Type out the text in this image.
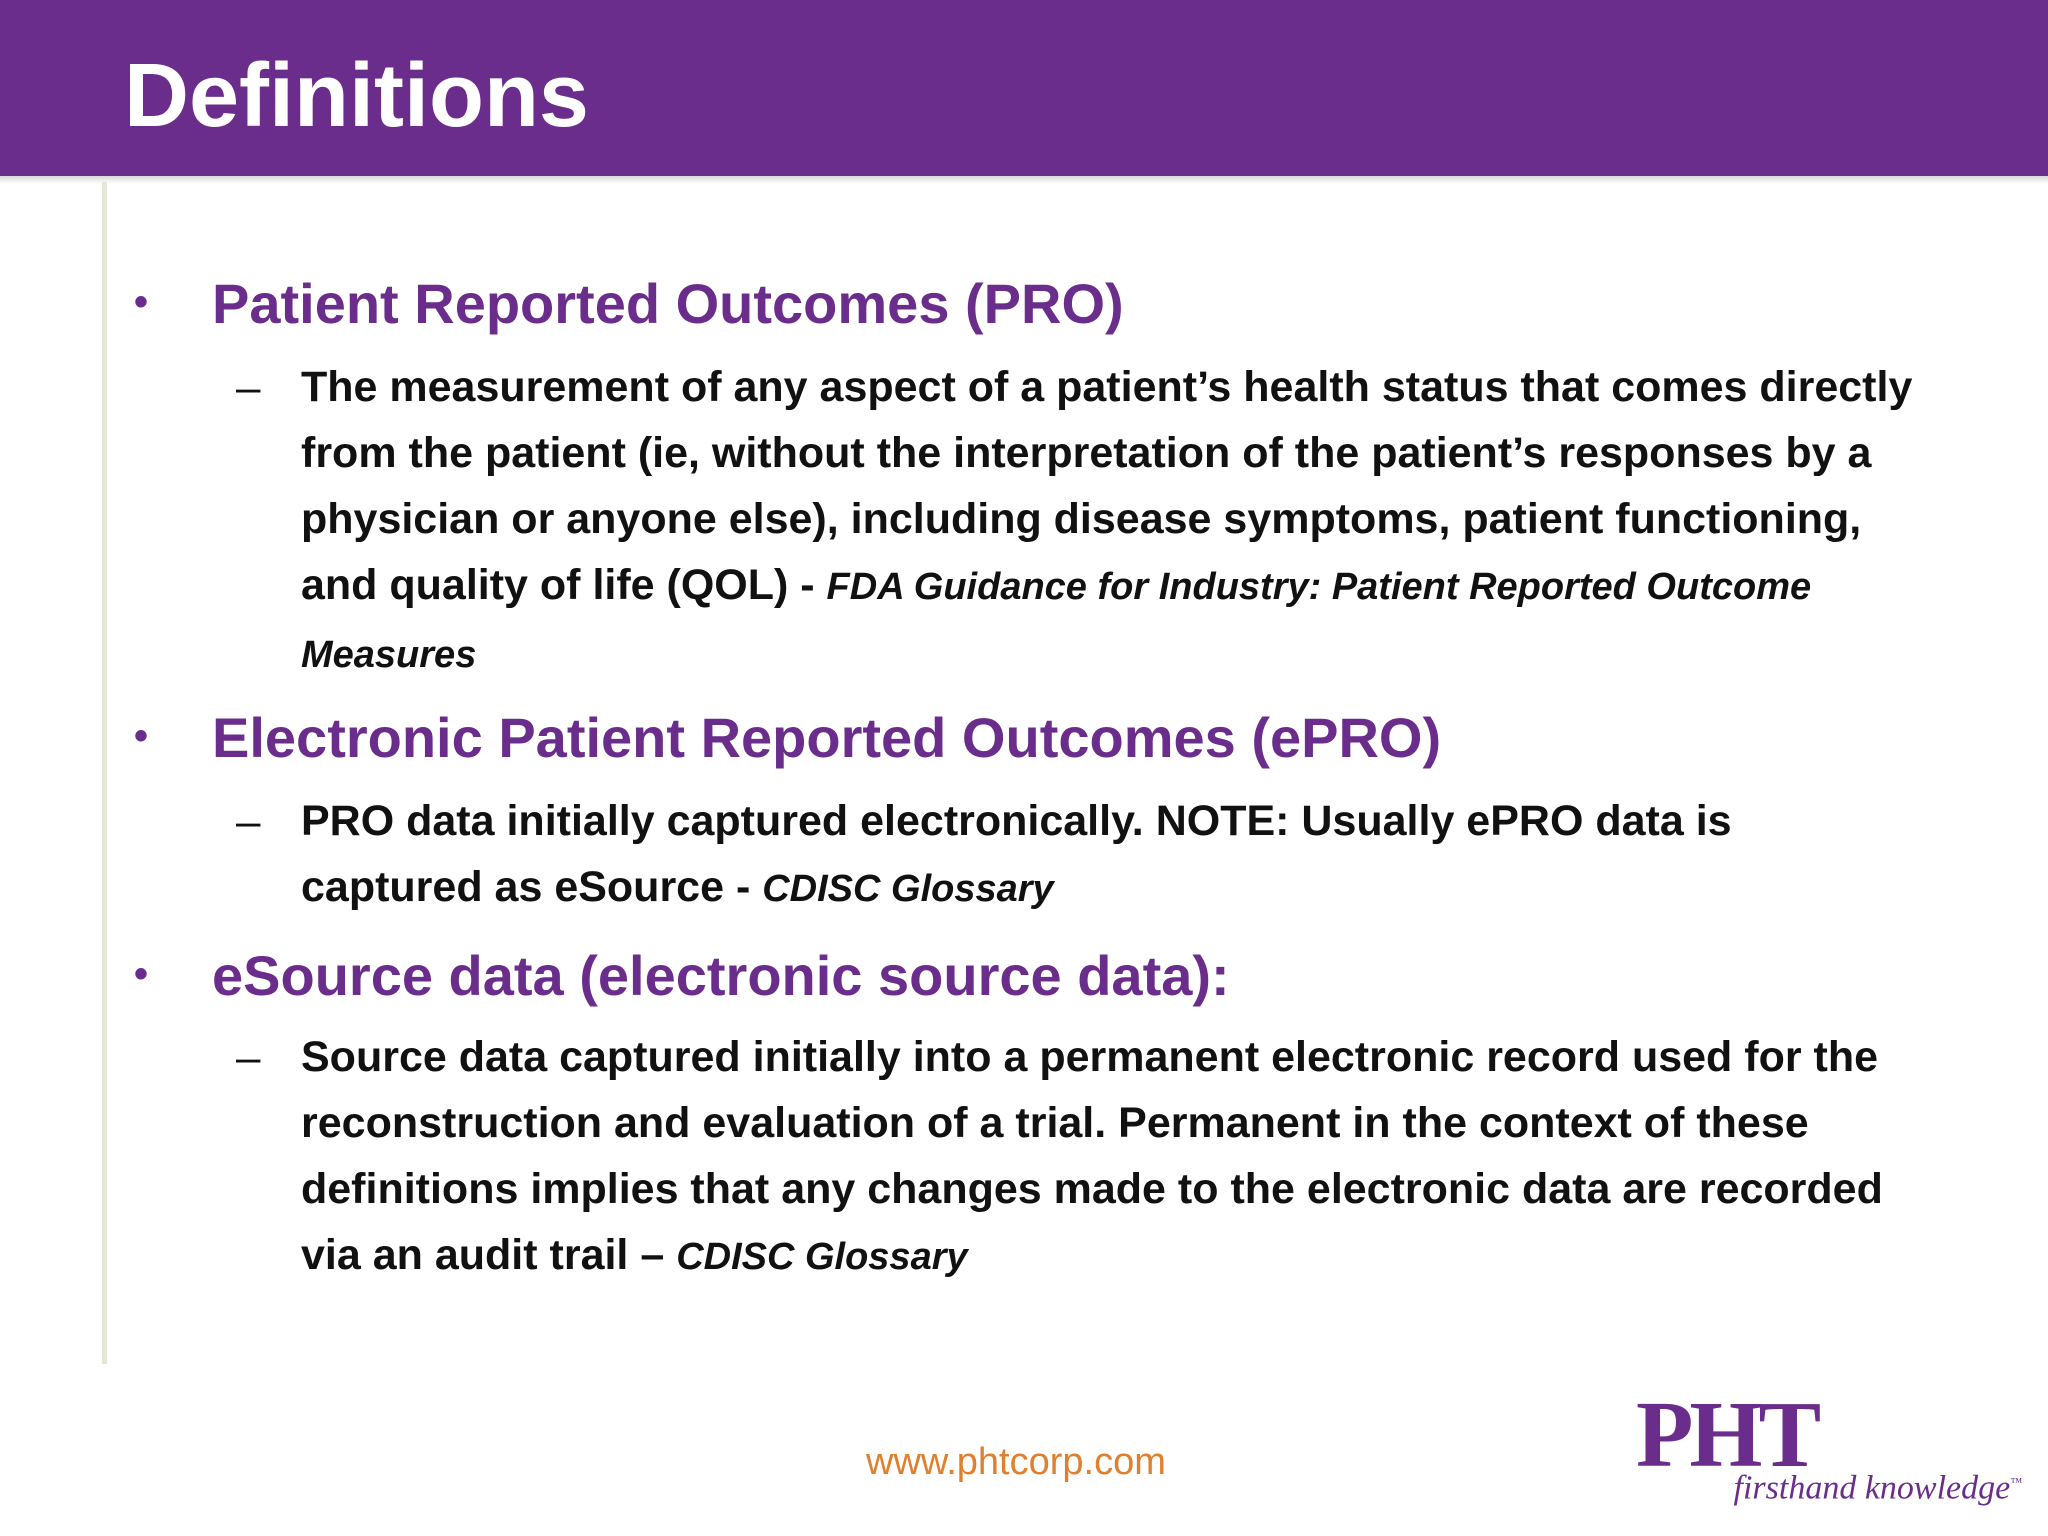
Definitions
• Patient Reported Outcomes (PRO)
– The measurement of any aspect of a patient’s health status that comes directly from the patient (ie, without the interpretation of the patient’s responses by a physician or anyone else), including disease symptoms, patient functioning, and quality of life (QOL) - FDA Guidance for Industry: Patient Reported Outcome Measures
• Electronic Patient Reported Outcomes (ePRO)
– PRO data initially captured electronically. NOTE: Usually ePRO data is captured as eSource - CDISC Glossary
• eSource data (electronic source data):
– Source data captured initially into a permanent electronic record used for the reconstruction and evaluation of a trial. Permanent in the context of these definitions implies that any changes made to the electronic data are recorded via an audit trail – CDISC Glossary
www.phtcorp.com	PHT
firsthand knowledge™
